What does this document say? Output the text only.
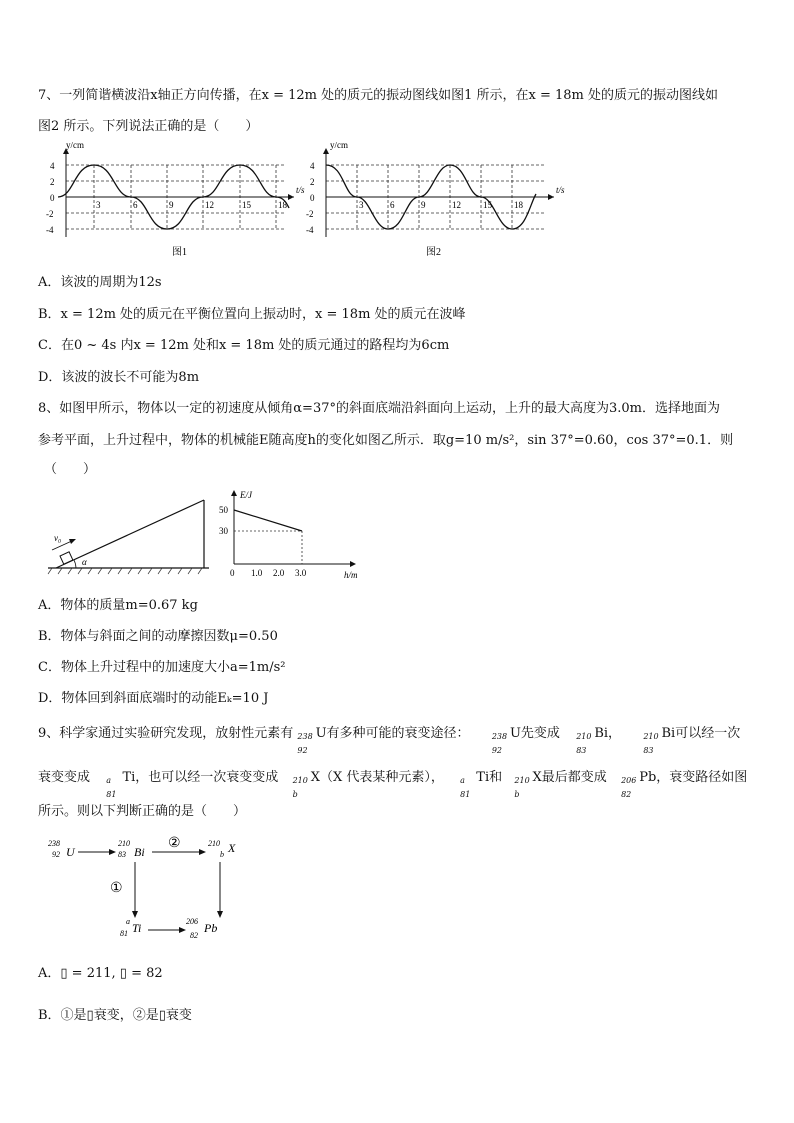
7、一列简谐横波沿x轴正方向传播，在x = 12m 处的质元的振动图线如图1 所示，在x = 18m 处的质元的振动图线如
图2 所示。下列说法正确的是（　　）
y/cm
t/s
4
2
0
-2
-4
3	6	9	12	15	18
图1
y/cm
t/s
4
2
0
-2
-4
3	6	9	12 15 18
图2
A．该波的周期为12s
B．x = 12m 处的质元在平衡位置向上振动时，x = 18m 处的质元在波峰
C．在0 ~ 4s 内x = 12m 处和x = 18m 处的质元通过的路程均为6cm
D．该波的波长不可能为8m
8、如图甲所示，物体以一定的初速度从倾角α=37°的斜面底端沿斜面向上运动，上升的最大高度为3.0m．选择地面为
参考平面，上升过程中，物体的机械能E随高度h的变化如图乙所示．取g=10 m/s²，sin 37°=0.60，cos 37°=0.1．则
（　　）
v₀
α
E/J
h/m
50
30
0 1.0 2.0 3.0
A．物体的质量m=0.67 kg
B．物体与斜面之间的动摩擦因数μ=0.50
C．物体上升过程中的加速度大小a=1m/s²
D．物体回到斜面底端时的动能Eₖ=10 J
9、科学家通过实验研究发现，放射性元素有 238
92
U有多种可能的衰变途径：	238
92
U先变成 210
83
Bi，	210
83
Bi可以经一次
衰变变成 a
81
Ti，也可以经一次衰变变成 210
b
X（X 代表某种元素）， a
81
Ti和 210
b
X最后都变成 206
82
Pb，衰变路径如图
所示。则以下判断正确的是（　　）
238
92 U
210
83 Bi
②	210
b X
①
a
81 Ti	206
82
Pb
A．▯ = 211, ▯ = 82
B．①是▯衰变，②是▯衰变
